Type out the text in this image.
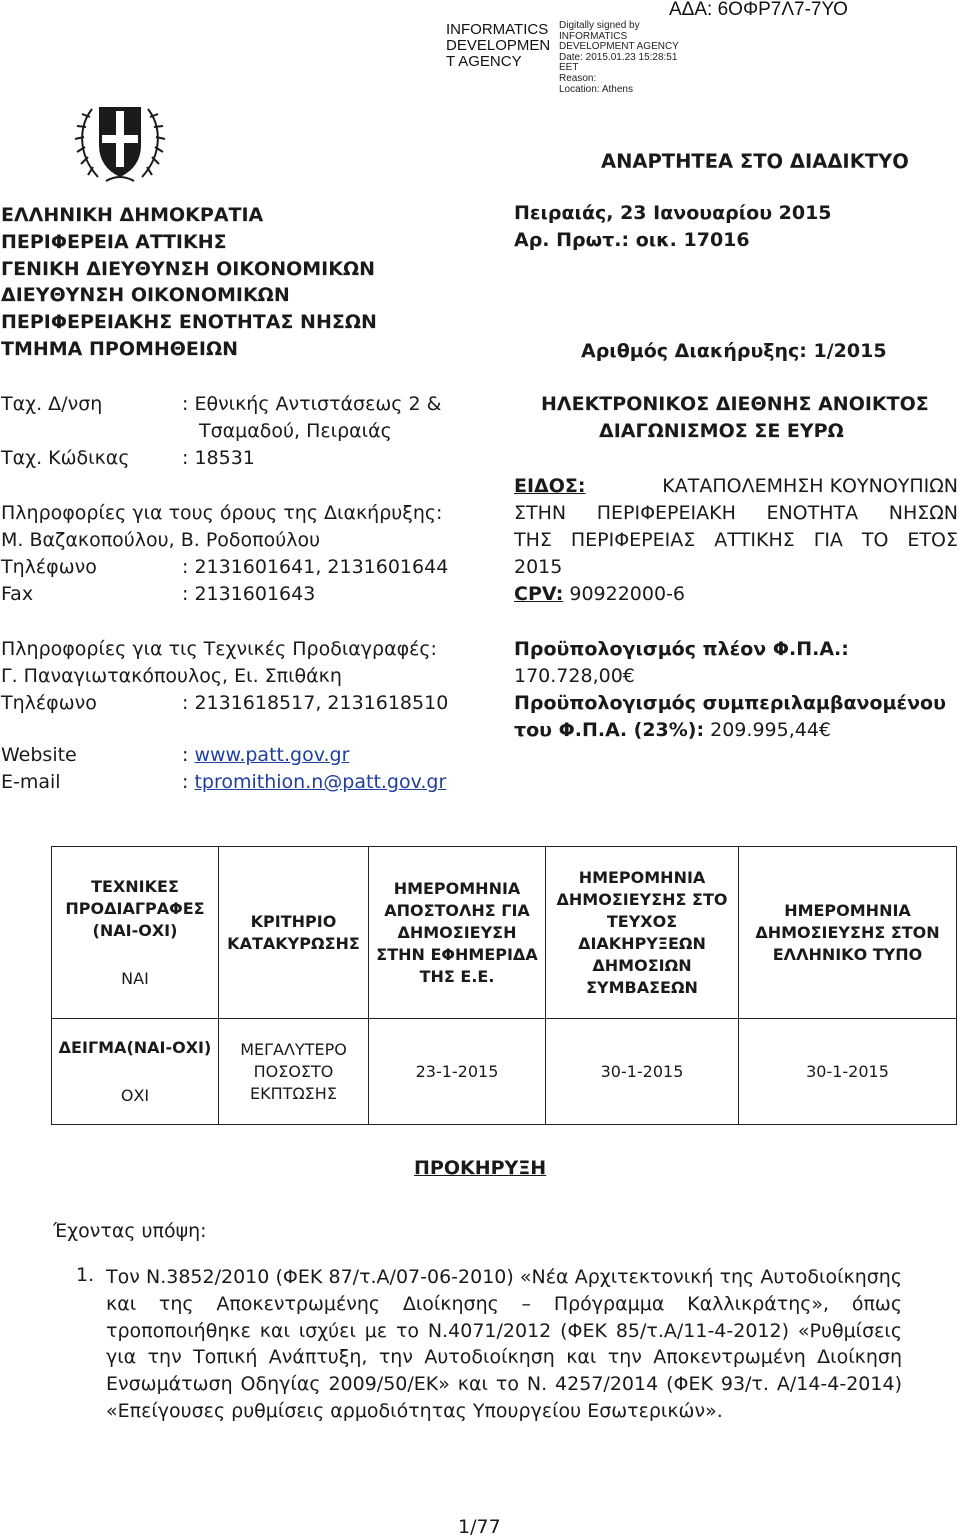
INFORMATICS
DEVELOPMEN
T AGENCY
Digitally signed by
INFORMATICS
DEVELOPMENT AGENCY
Date: 2015.01.23 15:28:51
EET
Reason:
Location: Athens
ΑΔΑ: 6ΟΦΡ7Λ7-7ΥΟ
ΑΝΑΡΤΗΤΕΑ ΣΤΟ ΔΙΑΔΙΚΤΥΟ
ΕΛΛΗΝΙΚΗ ΔΗΜΟΚΡΑΤΙΑ
ΠΕΡΙΦΕΡΕΙΑ ΑΤΤΙΚΗΣ
ΓΕΝΙΚΗ ΔΙΕΥΘΥΝΣΗ ΟΙΚΟΝΟΜΙΚΩΝ
ΔΙΕΥΘΥΝΣΗ ΟΙΚΟΝΟΜΙΚΩΝ
ΠΕΡΙΦΕΡΕΙΑΚΗΣ ΕΝΟΤΗΤΑΣ ΝΗΣΩΝ
ΤΜΗΜΑ ΠΡΟΜΗΘΕΙΩΝ
Πειραιάς, 23 Ιανουαρίου 2015
Αρ. Πρωτ.: οικ. 17016
Αριθμός Διακήρυξης: 1/2015
Ταχ. Δ/νση	: Εθνικής Αντιστάσεως 2 &
Τσαμαδού, Πειραιάς
Ταχ. Κώδικας	: 18531
Πληροφορίες για τους όρους της Διακήρυξης:
Μ. Βαζακοπούλου, Β. Ροδοπούλου
Τηλέφωνο	: 2131601641, 2131601644
Fax	: 2131601643
Πληροφορίες για τις Τεχνικές Προδιαγραφές:
Γ. Παναγιωτακόπουλος, Ει. Σπιθάκη
Τηλέφωνο	: 2131618517, 2131618510
Website	: www.patt.gov.gr
E-mail	: tpromithion.n@patt.gov.gr
ΗΛΕΚΤΡΟΝΙΚΟΣ ΔΙΕΘΝΗΣ ΑΝΟΙΚΤΟΣ
ΔΙΑΓΩΝΙΣΜΟΣ ΣΕ ΕΥΡΩ
ΕΙΔΟΣ:	ΚΑΤΑΠΟΛΕΜΗΣΗ ΚΟΥΝΟΥΠΙΩΝ
ΣΤΗΝ ΠΕΡΙΦΕΡΕΙΑΚΗ ΕΝΟΤΗΤΑ ΝΗΣΩΝ
ΤΗΣ ΠΕΡΙΦΕΡΕΙΑΣ ΑΤΤΙΚΗΣ ΓΙΑ ΤΟ ΕΤΟΣ
2015
CPV: 90922000-6
Προϋπολογισμός πλέον Φ.Π.Α.:
170.728,00€
Προϋπολογισμός συμπεριλαμβανομένου
του Φ.Π.Α. (23%): 209.995,44€
ΤΕΧΝΙΚΕΣ ΠΡΟΔΙΑΓΡΑΦΕΣ (ΝΑΙ-ΟΧΙ)
ΝΑΙ	ΚΡΙΤΗΡΙΟ ΚΑΤΑΚΥΡΩΣΗΣ	ΗΜΕΡΟΜΗΝΙΑ ΑΠΟΣΤΟΛΗΣ ΓΙΑ ΔΗΜΟΣΙΕΥΣΗ ΣΤΗΝ ΕΦΗΜΕΡΙΔΑ ΤΗΣ Ε.Ε.	ΗΜΕΡΟΜΗΝΙΑ ΔΗΜΟΣΙΕΥΣΗΣ ΣΤΟ ΤΕΥΧΟΣ ΔΙΑΚΗΡΥΞΕΩΝ ΔΗΜΟΣΙΩΝ ΣΥΜΒΑΣΕΩΝ	ΗΜΕΡΟΜΗΝΙΑ ΔΗΜΟΣΙΕΥΣΗΣ ΣΤΟΝ ΕΛΛΗΝΙΚΟ ΤΥΠΟ
ΔΕΙΓΜΑ(ΝΑΙ-ΟΧΙ)
ΟΧΙ	ΜΕΓΑΛΥΤΕΡΟ ΠΟΣΟΣΤΟ ΕΚΠΤΩΣΗΣ	23-1-2015	30-1-2015	30-1-2015
ΠΡΟΚΗΡΥΞΗ
Έχοντας υπόψη:
1. Τον Ν.3852/2010 (ΦΕΚ 87/τ.Α/07-06-2010) «Νέα Αρχιτεκτονική της Αυτοδιοίκησης και της Αποκεντρωμένης Διοίκησης – Πρόγραμμα Καλλικράτης», όπως τροποποιήθηκε και ισχύει με το Ν.4071/2012 (ΦΕΚ 85/τ.Α/11-4-2012) «Ρυθμίσεις για την Τοπική Ανάπτυξη, την Αυτοδιοίκηση και την Αποκεντρωμένη Διοίκηση Ενσωμάτωση Οδηγίας 2009/50/ΕΚ» και το Ν. 4257/2014 (ΦΕΚ 93/τ. Α/14-4-2014) «Επείγουσες ρυθμίσεις αρμοδιότητας Υπουργείου Εσωτερικών».
1/77
